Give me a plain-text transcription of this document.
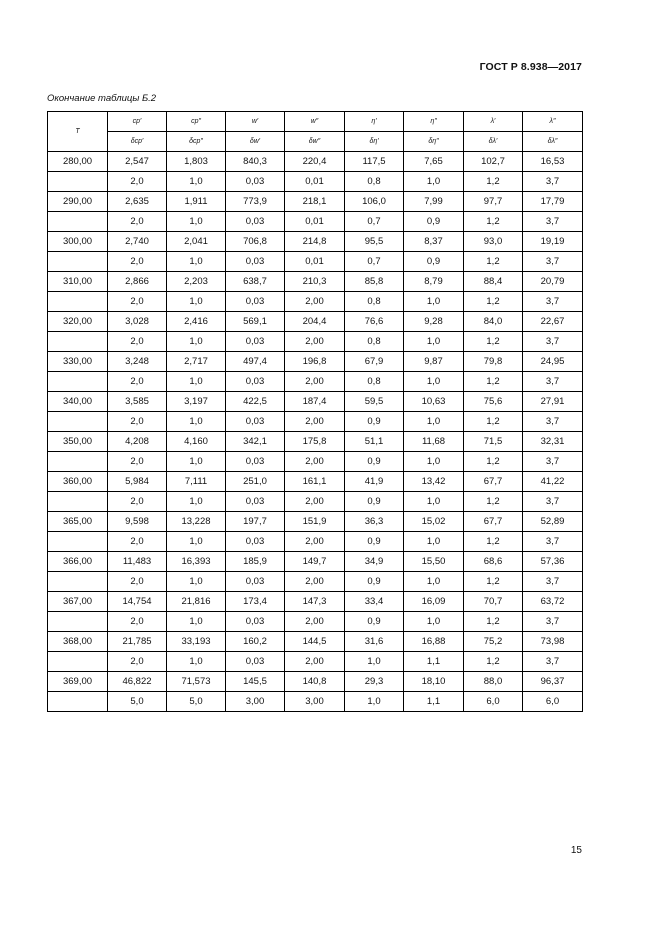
ГОСТ Р 8.938—2017
Окончание таблицы Б.2
T	cp′	cp″	w′	w″	η′	η″	λ′	λ″
	δcp′	δcp″	δw′	δw″	δη′	δη″	δλ′	δλ″
280,00	2,547	1,803	840,3	220,4	117,5	7,65	102,7	16,53
	2,0	1,0	0,03	0,01	0,8	1,0	1,2	3,7
290,00	2,635	1,911	773,9	218,1	106,0	7,99	97,7	17,79
	2,0	1,0	0,03	0,01	0,7	0,9	1,2	3,7
300,00	2,740	2,041	706,8	214,8	95,5	8,37	93,0	19,19
	2,0	1,0	0,03	0,01	0,7	0,9	1,2	3,7
310,00	2,866	2,203	638,7	210,3	85,8	8,79	88,4	20,79
	2,0	1,0	0,03	2,00	0,8	1,0	1,2	3,7
320,00	3,028	2,416	569,1	204,4	76,6	9,28	84,0	22,67
	2,0	1,0	0,03	2,00	0,8	1,0	1,2	3,7
330,00	3,248	2,717	497,4	196,8	67,9	9,87	79,8	24,95
	2,0	1,0	0,03	2,00	0,8	1,0	1,2	3,7
340,00	3,585	3,197	422,5	187,4	59,5	10,63	75,6	27,91
	2,0	1,0	0,03	2,00	0,9	1,0	1,2	3,7
350,00	4,208	4,160	342,1	175,8	51,1	11,68	71,5	32,31
	2,0	1,0	0,03	2,00	0,9	1,0	1,2	3,7
360,00	5,984	7,111	251,0	161,1	41,9	13,42	67,7	41,22
	2,0	1,0	0,03	2,00	0,9	1,0	1,2	3,7
365,00	9,598	13,228	197,7	151,9	36,3	15,02	67,7	52,89
	2,0	1,0	0,03	2,00	0,9	1,0	1,2	3,7
366,00	11,483	16,393	185,9	149,7	34,9	15,50	68,6	57,36
	2,0	1,0	0,03	2,00	0,9	1,0	1,2	3,7
367,00	14,754	21,816	173,4	147,3	33,4	16,09	70,7	63,72
	2,0	1,0	0,03	2,00	0,9	1,0	1,2	3,7
368,00	21,785	33,193	160,2	144,5	31,6	16,88	75,2	73,98
	2,0	1,0	0,03	2,00	1,0	1,1	1,2	3,7
369,00	46,822	71,573	145,5	140,8	29,3	18,10	88,0	96,37
	5,0	5,0	3,00	3,00	1,0	1,1	6,0	6,0
15
